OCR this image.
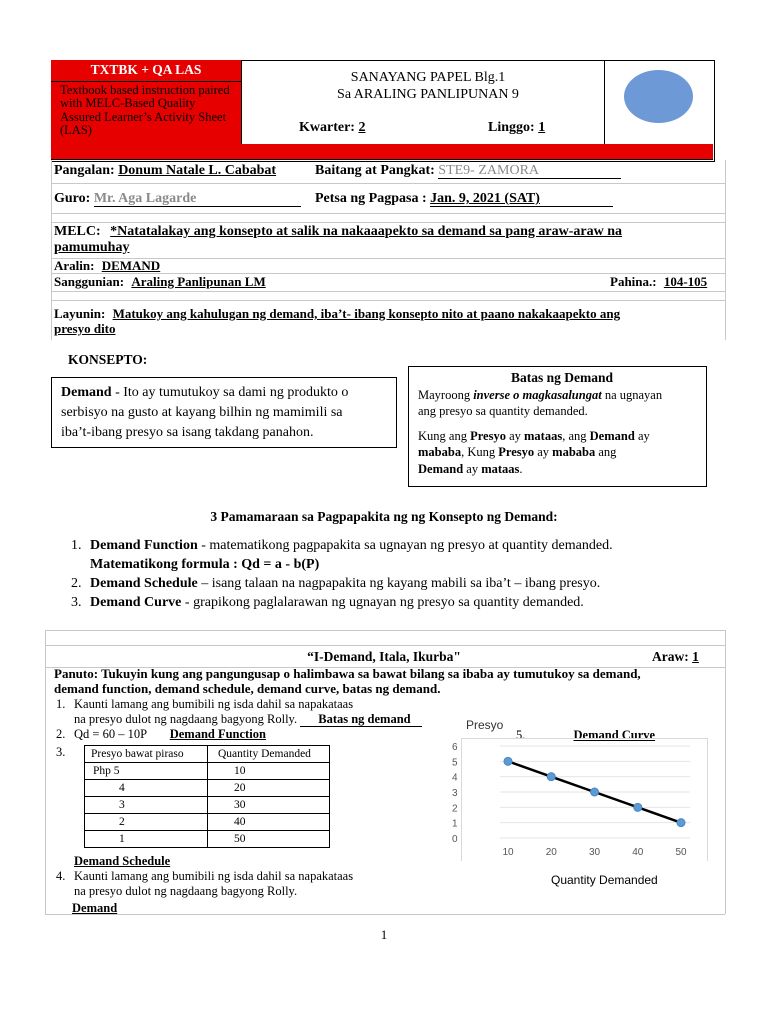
TXTBK + QA LAS
Textbook based instruction paired with MELC-Based Quality Assured Learner’s Activity Sheet (LAS)
SANAYANG PAPEL Blg.1
Sa ARALING PANLIPUNAN 9
Kwarter: 2	Linggo: 1
Pangalan: Donum Natale L. Cababat	Baitang at Pangkat: STE9- ZAMORA
Guro: Mr. Aga Lagarde	Petsa ng Pagpasa : Jan. 9, 2021 (SAT)
MELC: *Natatalakay ang konsepto at salik na nakaaapekto sa demand sa pang araw-araw na
pamumuhay
Aralin: DEMAND
Sanggunian: Araling Panlipunan LM	Pahina.: 104-105
Layunin: Matukoy ang kahulugan ng demand, iba’t- ibang konsepto nito at paano nakakaapekto ang
presyo dito
KONSEPTO:
Demand - Ito ay tumutukoy sa dami ng produkto o
serbisyo na gusto at kayang bilhin ng mamimili sa
iba’t-ibang presyo sa isang takdang panahon.
Batas ng Demand
Mayroong inverse o magkasalungat na ugnayan
ang presyo sa quantity demanded.
Kung ang Presyo ay mataas, ang Demand ay
mababa, Kung Presyo ay mababa ang
Demand ay mataas.
3 Pamamaraan sa Pagpapakita ng ng Konsepto ng Demand:
1. Demand Function - matematikong pagpapakita sa ugnayan ng presyo at quantity demanded.
Matematikong formula : Qd = a - b(P)
2. Demand Schedule – isang talaan na nagpapakita ng kayang mabili sa iba’t – ibang presyo.
3. Demand Curve - grapikong paglalarawan ng ugnayan ng presyo sa quantity demanded.
“I-Demand, Itala, Ikurba"	Araw: 1
Panuto: Tukuyin kung ang pangungusap o halimbawa sa bawat bilang sa ibaba ay tumutukoy sa demand,
demand function, demand schedule, demand curve, batas ng demand.
1. Kaunti lamang ang bumibili ng isda dahil sa napakataas
na presyo dulot ng nagdaang bagyong Rolly. Batas ng demand
2. Qd = 60 – 10P Demand Function
3. Presyo bawat piraso	Quantity Demanded
Php 5	10
4	20
3	30
2	40
1	50
Demand Schedule
4. Kaunti lamang ang bumibili ng isda dahil sa napakataas
na presyo dulot ng nagdaang bagyong Rolly.
Demand
5.	Demand Curve
Presyo
Quantity Demanded
0
1
2
3
4
5
6
10	20	30	40	50
1
